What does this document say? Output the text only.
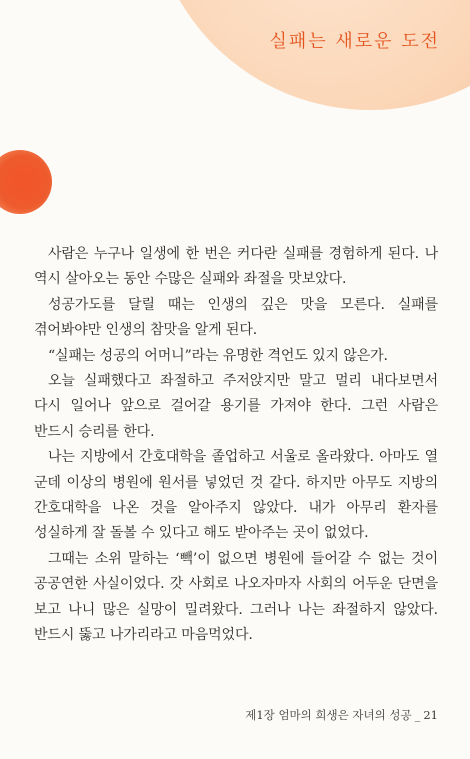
실패는 새로운 도전

사람은 누구나 일생에 한 번은 커다란 실패를 경험하게 된다. 나 역시 살아오는 동안 수많은 실패와 좌절을 맛보았다.

성공가도를 달릴 때는 인생의 깊은 맛을 모른다. 실패를 겪어봐야만 인생의 참맛을 알게 된다.

“실패는 성공의 어머니”라는 유명한 격언도 있지 않은가.

오늘 실패했다고 좌절하고 주저앉지만 말고 멀리 내다보면서 다시 일어나 앞으로 걸어갈 용기를 가져야 한다. 그런 사람은 반드시 승리를 한다.

나는 지방에서 간호대학을 졸업하고 서울로 올라왔다. 아마도 열 군데 이상의 병원에 원서를 넣었던 것 같다. 하지만 아무도 지방의 간호대학을 나온 것을 알아주지 않았다. 내가 아무리 환자를 성실하게 잘 돌볼 수 있다고 해도 받아주는 곳이 없었다.

그때는 소위 말하는 ‘빽’이 없으면 병원에 들어갈 수 없는 것이 공공연한 사실이었다. 갓 사회로 나오자마자 사회의 어두운 단면을 보고 나니 많은 실망이 밀려왔다. 그러나 나는 좌절하지 않았다. 반드시 뚫고 나가리라고 마음먹었다.

제1장 엄마의 희생은 자녀의 성공 _ 21
